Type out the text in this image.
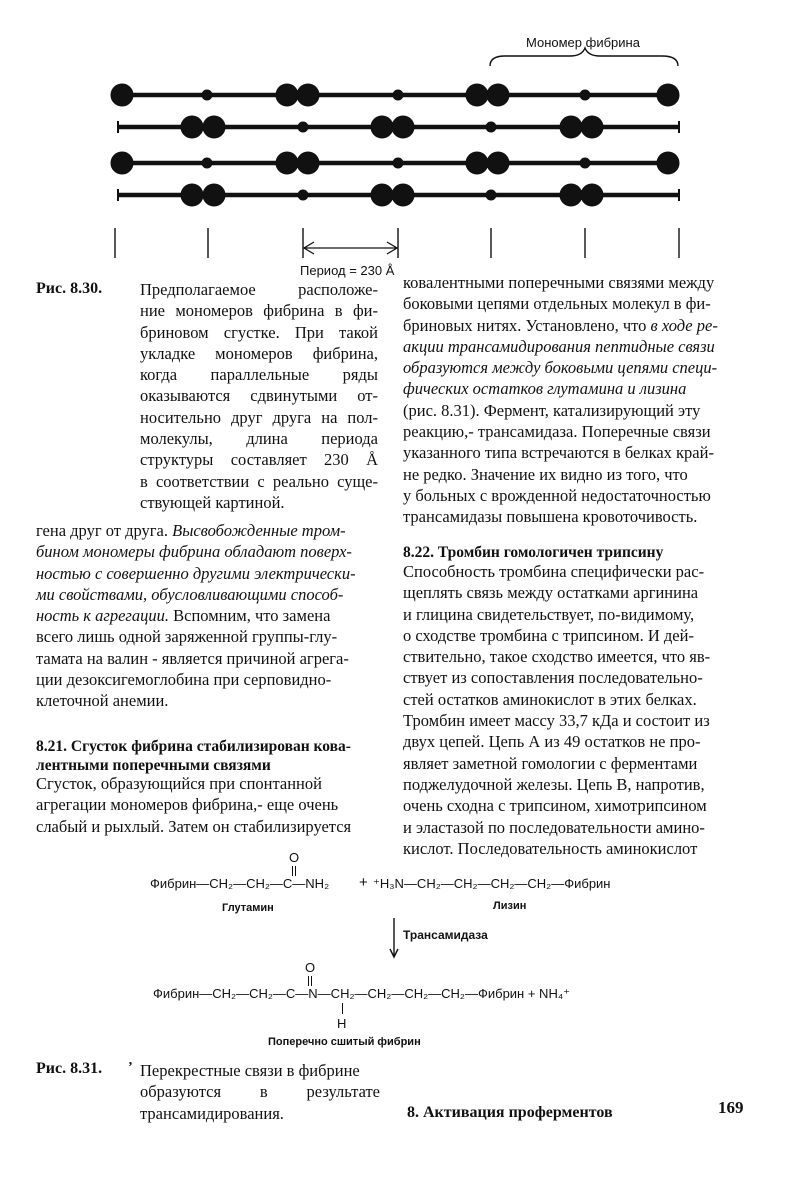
Мономер фибрина
Период = 230 Å
Рис. 8.30. Предполагаемое расположе-
ние мономеров фибрина в фи-
бриновом сгустке. При такой
укладке мономеров фибрина,
когда параллельные ряды
оказываются сдвинутыми от-
носительно друг друга на пол-
молекулы, длина периода
структуры составляет 230 Å
в соответствии с реально суще-
ствующей картиной.
ковалентными поперечными связями между
боковыми цепями отдельных молекул в фи-
бриновых нитях. Установлено, что в ходе ре-
акции трансамидирования пептидные связи
образуются между боковыми цепями специ-
фических остатков глутамина и лизина
(рис. 8.31). Фермент, катализирующий эту
реакцию,- трансамидаза. Поперечные связи
указанного типа встречаются в белках край-
не редко. Значение их видно из того, что
у больных с врожденной недостаточностью
трансамидазы повышена кровоточивость.
гена друг от друга. Высвобожденные тром-
бином мономеры фибрина обладают поверх-
ностью с совершенно другими электрически-
ми свойствами, обусловливающими способ-
ность к агрегации. Вспомним, что замена
всего лишь одной заряженной группы-глу-
тамата на валин - является причиной агрега-
ции дезоксигемоглобина при серповидно-
клеточной анемии.
8.21. Сгусток фибрина стабилизирован кова-
лентными поперечными связями
Сгусток, образующийся при спонтанной
агрегации мономеров фибрина,- еще очень
слабый и рыхлый. Затем он стабилизируется
8.22. Тромбин гомологичен трипсину
Способность тромбина специфически рас-
щеплять связь между остатками аргинина
и глицина свидетельствует, по-видимому,
о сходстве тромбина с трипсином. И дей-
ствительно, такое сходство имеется, что яв-
ствует из сопоставления последовательно-
стей остатков аминокислот в этих белках.
Тромбин имеет массу 33,7 кДа и состоит из
двух цепей. Цепь А из 49 остатков не про-
являет заметной гомологии с ферментами
поджелудочной железы. Цепь В, напротив,
очень сходна с трипсином, химотрипсином
и эластазой по последовательности амино-
кислот. Последовательность аминокислот
O
Фибрин—CH₂—CH₂—C—NH₂ + ⁺H₃N—CH₂—CH₂—CH₂—CH₂—Фибрин
Глутамин	Лизин
Трансамидаза
O
Фибрин—CH₂—CH₂—C—N—CH₂—CH₂—CH₂—CH₂—Фибрин + NH₄⁺
H
Поперечно сшитый фибрин
Рис. 8.31. ʼ Перекрестные связи в фибрине
образуются в результате
трансамидирования.	8. Активация проферментов	169
